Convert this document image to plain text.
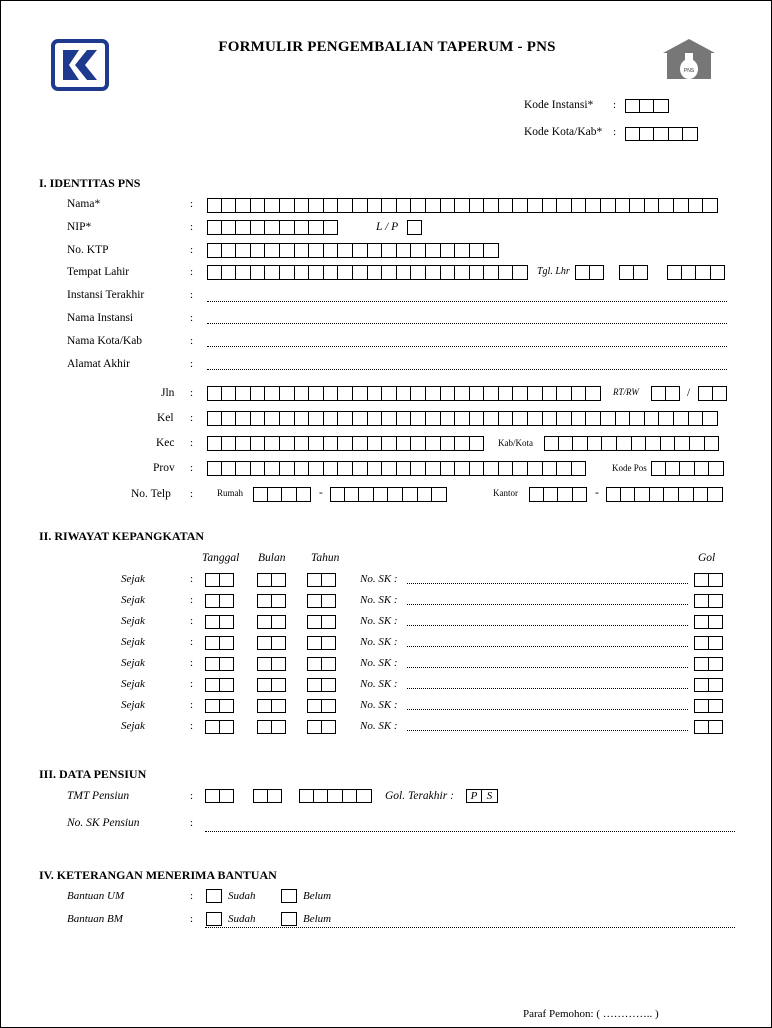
FORMULIR PENGEMBALIAN TAPERUM - PNS
PNS
Kode Instansi* :
Kode Kota/Kab* :
I. IDENTITAS PNS
Nama*	:
NIP*	:	L / P
No. KTP	:
Tempat Lahir	:	Tgl. Lhr
Instansi Terakhir	:
Nama Instansi	:
Nama Kota/Kab	:
Alamat Akhir	:
Jln :	RT/RW	/
Kel :
Kec :	Kab/Kota
Prov :	Kode Pos
No. Telp :	Rumah	-	Kantor	-
II. RIWAYAT KEPANGKATAN
Tanggal Bulan Tahun	Gol
Sejak	:	No. SK :
Sejak	:	No. SK :
Sejak	:	No. SK :
Sejak	:	No. SK :
Sejak	:	No. SK :
Sejak	:	No. SK :
Sejak	:	No. SK :
Sejak	:	No. SK :
III. DATA PENSIUN
TMT Pensiun	:	Gol. Terakhir :	P S
No. SK Pensiun	:
IV. KETERANGAN MENERIMA BANTUAN
Bantuan UM	:	Sudah	Belum
Bantuan BM	:	Sudah	Belum
Paraf Pemohon: ( ………….. )
